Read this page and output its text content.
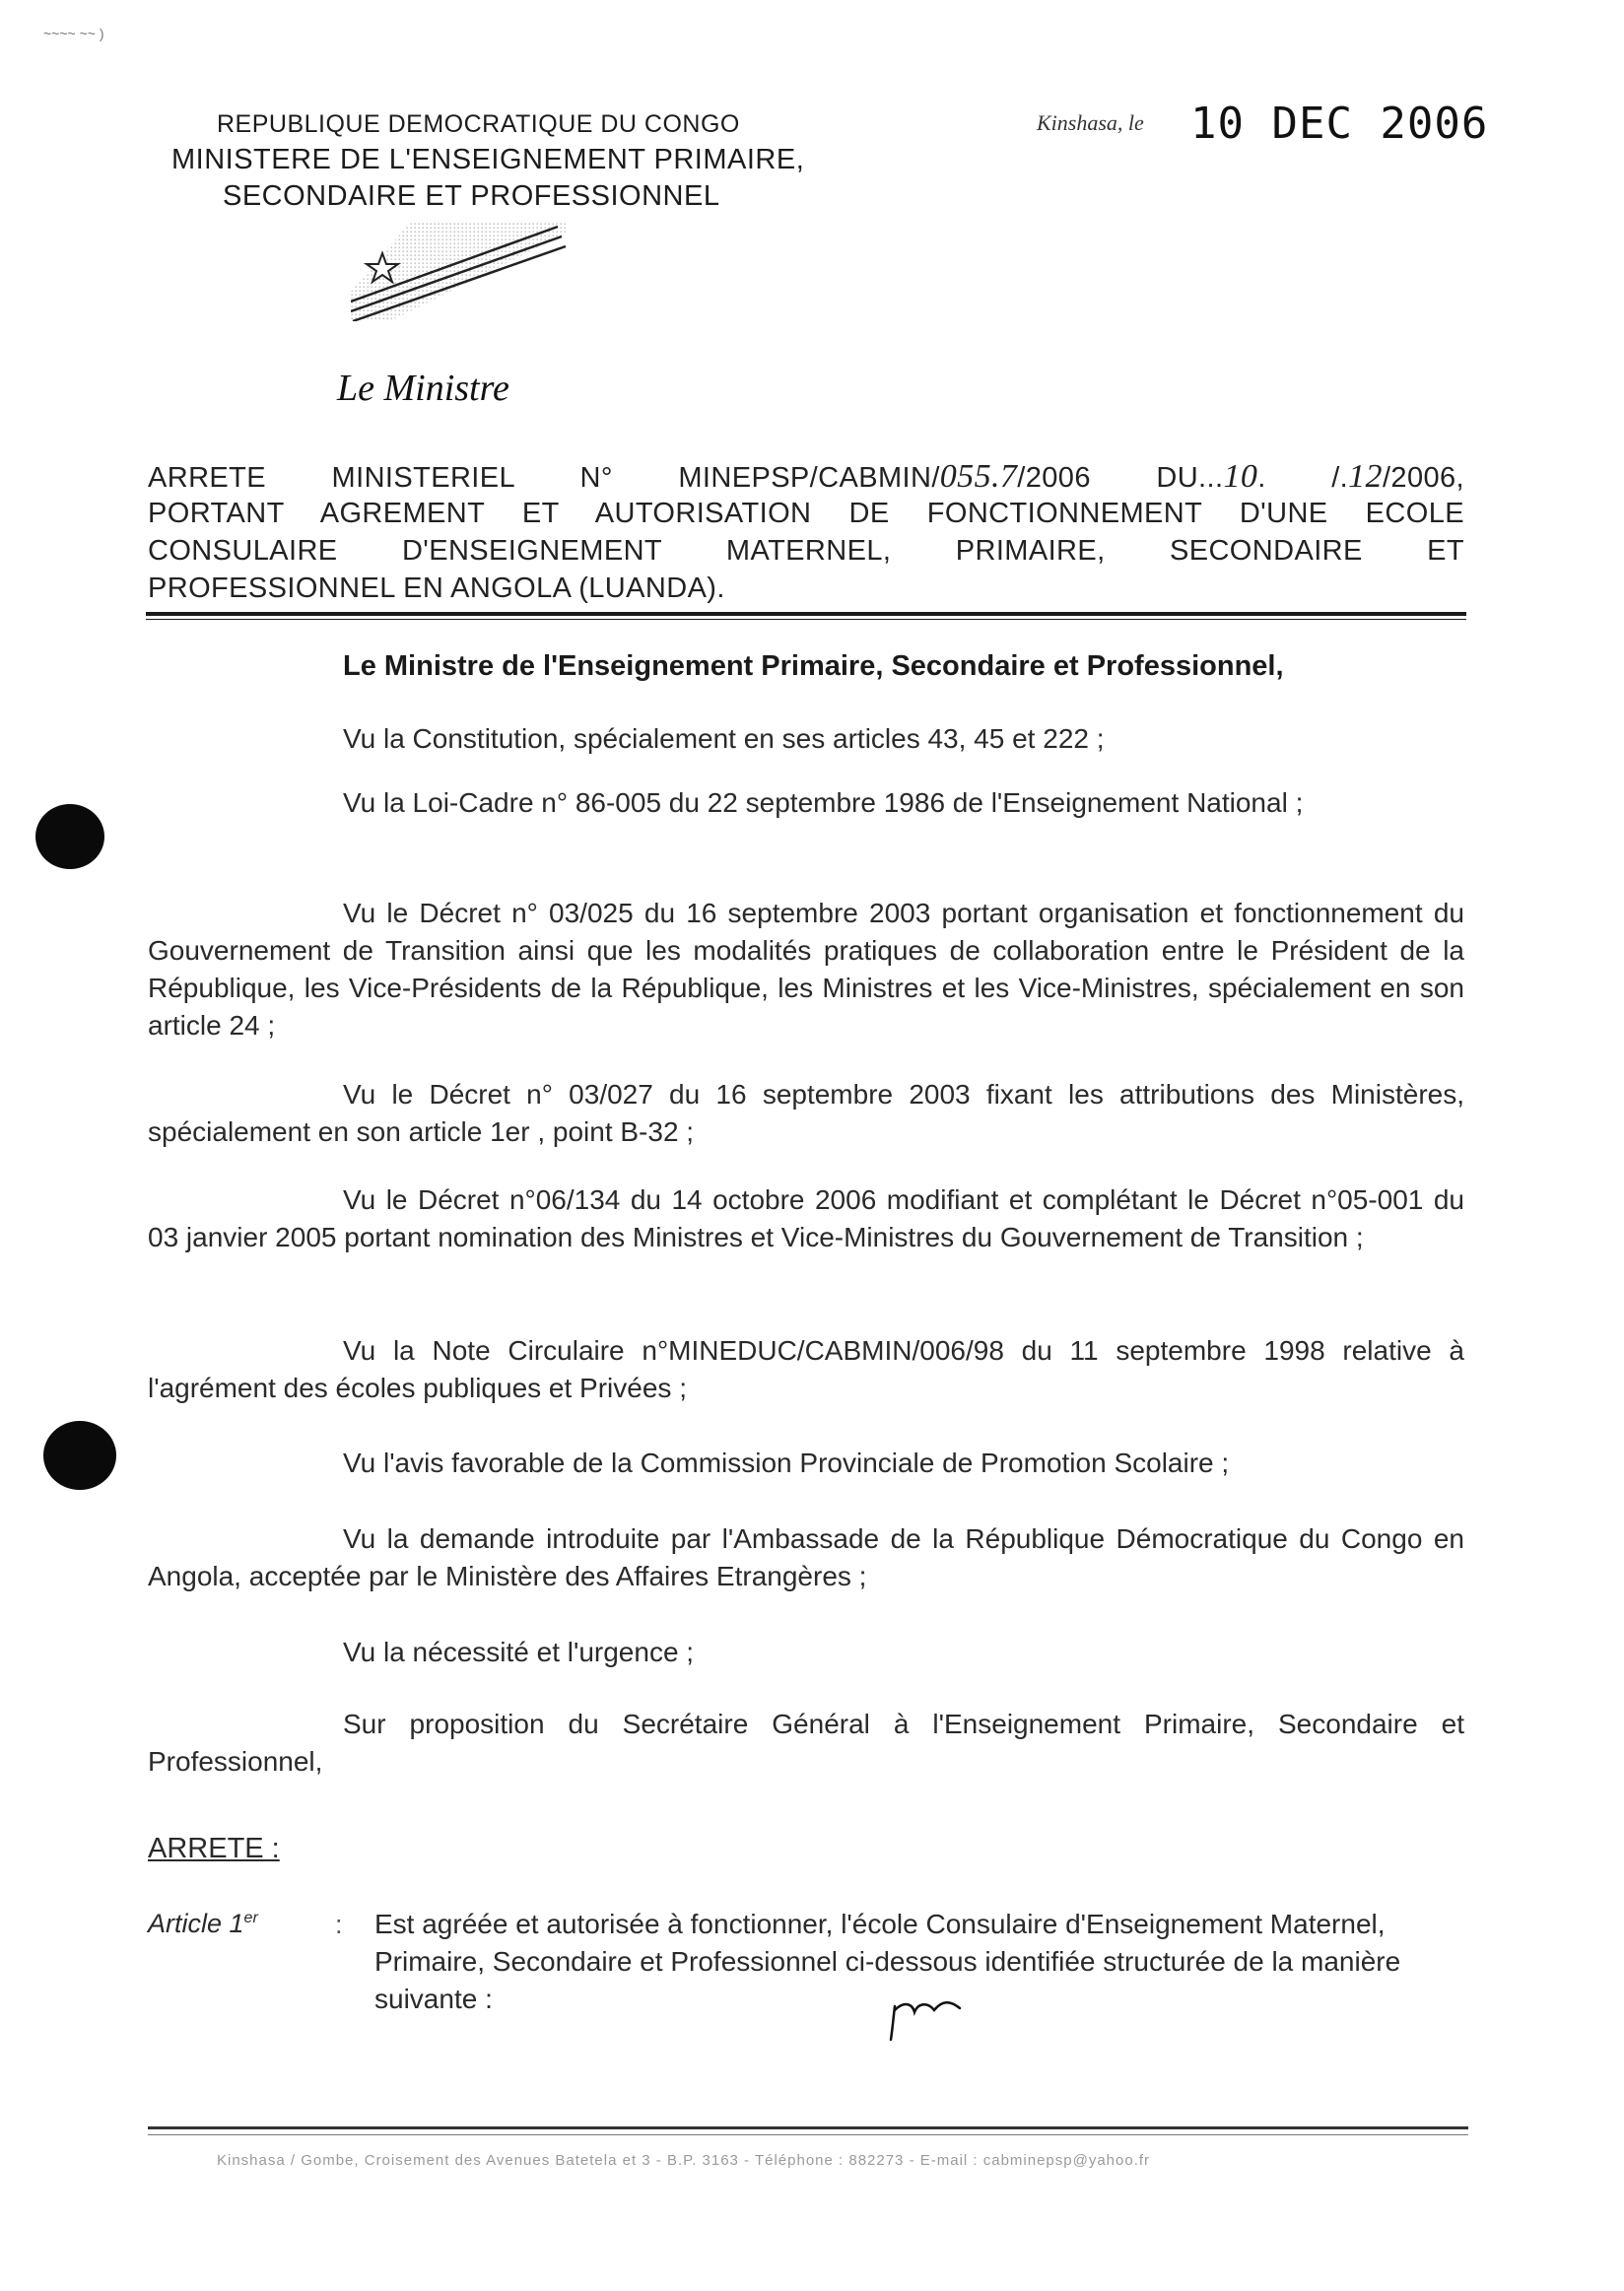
~~~~ ~~ )
REPUBLIQUE DEMOCRATIQUE DU CONGO
MINISTERE DE L'ENSEIGNEMENT PRIMAIRE,
SECONDAIRE ET PROFESSIONNEL
Kinshasa, le 10 DEC 2006
Le Ministre
ARRETE MINISTERIEL N° MINEPSP/CABMIN/055.7/2006 DU...10. /.12/2006,
PORTANT AGREMENT ET AUTORISATION DE FONCTIONNEMENT D'UNE ECOLE
CONSULAIRE D'ENSEIGNEMENT MATERNEL, PRIMAIRE, SECONDAIRE ET
PROFESSIONNEL EN ANGOLA (LUANDA).
Le Ministre de l'Enseignement Primaire, Secondaire et Professionnel,
Vu la Constitution, spécialement en ses articles 43, 45 et 222 ;
Vu la Loi-Cadre n° 86-005 du 22 septembre 1986 de l'Enseignement National ;
Vu le Décret n° 03/025 du 16 septembre 2003 portant organisation et fonctionnement du Gouvernement de Transition ainsi que les modalités pratiques de collaboration entre le Président de la République, les Vice-Présidents de la République, les Ministres et les Vice-Ministres, spécialement en son article 24 ;
Vu le Décret n° 03/027 du 16 septembre 2003 fixant les attributions des Ministères, spécialement en son article 1er , point B-32 ;
Vu le Décret n°06/134 du 14 octobre 2006 modifiant et complétant le Décret n°05-001 du 03 janvier 2005 portant nomination des Ministres et Vice-Ministres du Gouvernement de Transition ;
Vu la Note Circulaire n°MINEDUC/CABMIN/006/98 du 11 septembre 1998 relative à l'agrément des écoles publiques et Privées ;
Vu l'avis favorable de la Commission Provinciale de Promotion Scolaire ;
Vu la demande introduite par l'Ambassade de la République Démocratique du Congo en Angola, acceptée par le Ministère des Affaires Etrangères ;
Vu la nécessité et l'urgence ;
Sur proposition du Secrétaire Général à l'Enseignement Primaire, Secondaire et Professionnel,
ARRETE :
Article 1er	: Est agréée et autorisée à fonctionner, l'école Consulaire d'Enseignement Maternel, Primaire, Secondaire et Professionnel ci-dessous identifiée structurée de la manière suivante :
Kinshasa / Gombe, Croisement des Avenues Batetela et 3 - B.P. 3163 - Téléphone : 882273 - E-mail : cabminepsp@yahoo.fr
